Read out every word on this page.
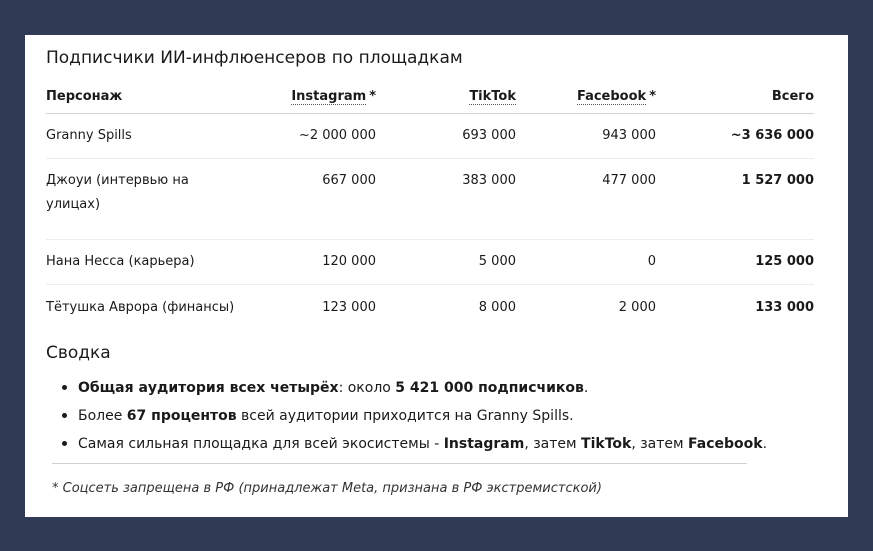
Подписчики ИИ-инфлюенсеров по площадкам
Персонаж	Instagram *	TikTok	Facebook *	Всего
Granny Spills	~2 000 000	693 000	943 000	~3 636 000
Джоуи (интервью на улицах)	667 000	383 000	477 000	1 527 000
Нана Несса (карьера)	120 000	5 000	0	125 000
Тётушка Аврора (финансы)	123 000	8 000	2 000	133 000
Сводка
• Общая аудитория всех четырёх: около 5 421 000 подписчиков.
• Более 67 процентов всей аудитории приходится на Granny Spills.
• Самая сильная площадка для всей экосистемы - Instagram, затем TikTok, затем Facebook.
* Соцсеть запрещена в РФ (принадлежат Meta, признана в РФ экстремистской)
